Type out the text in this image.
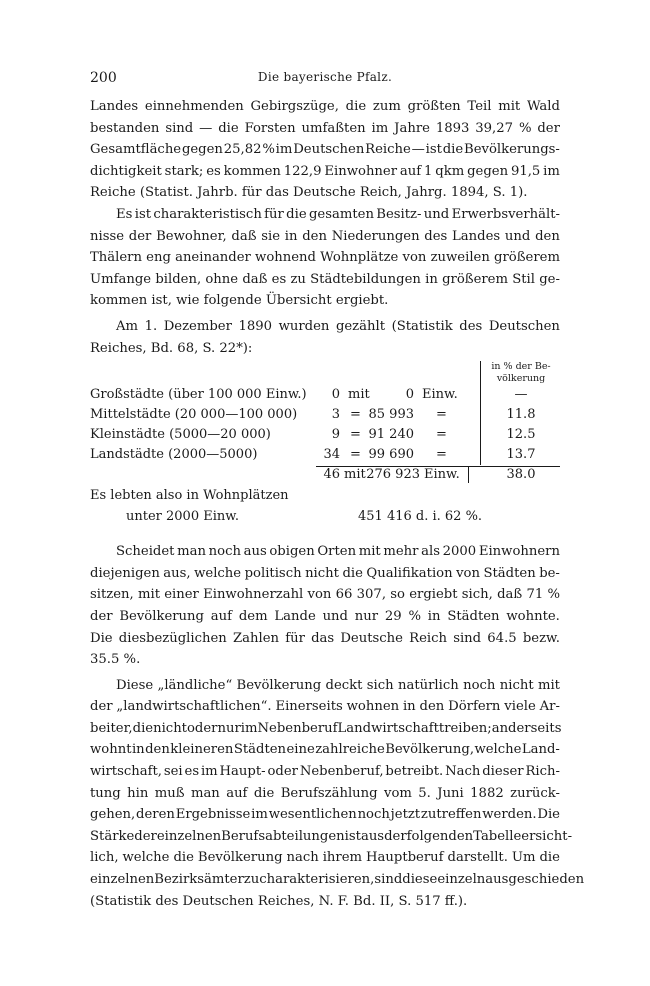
200	Die bayerische Pfalz.
Landes einnehmenden Gebirgszüge, die zum größten Teil mit Wald
bestanden sind — die Forsten umfaßten im Jahre 1893 39,27 % der
Gesamtfläche gegen 25,82 % im Deutschen Reiche — ist die Bevölkerungs-
dichtigkeit stark; es kommen 122,9 Einwohner auf 1 qkm gegen 91,5 im
Reiche (Statist. Jahrb. für das Deutsche Reich, Jahrg. 1894, S. 1).
Es ist charakteristisch für die gesamten Besitz- und Erwerbsverhält-
nisse der Bewohner, daß sie in den Niederungen des Landes und den
Thälern eng aneinander wohnend Wohnplätze von zuweilen größerem
Umfange bilden, ohne daß es zu Städtebildungen in größerem Stil ge-
kommen ist, wie folgende Übersicht ergiebt.
Am 1. Dezember 1890 wurden gezählt (Statistik des Deutschen
Reiches, Bd. 68, S. 22*):
in % der Be-
völkerung
Großstädte (über 100 000 Einw.)	0 mit	0 Einw.	—
Mittelstädte (20 000—100 000)	3 = 85 993 =	11.8
Kleinstädte (5000—20 000)	9 = 91 240 =	12.5
Landstädte (2000—5000)	34 = 99 690 =	13.7
46 mit 276 923 Einw.	38.0
Es lebten also in Wohnplätzen
unter 2000 Einw.	451 416 d. i. 62 %.
Scheidet man noch aus obigen Orten mit mehr als 2000 Einwohnern
diejenigen aus, welche politisch nicht die Qualifikation von Städten be-
sitzen, mit einer Einwohnerzahl von 66 307, so ergiebt sich, daß 71 %
der Bevölkerung auf dem Lande und nur 29 % in Städten wohnte.
Die diesbezüglichen Zahlen für das Deutsche Reich sind 64.5 bezw.
35.5 %.
Diese „ländliche“ Bevölkerung deckt sich natürlich noch nicht mit
der „landwirtschaftlichen“. Einerseits wohnen in den Dörfern viele Ar-
beiter, die nicht oder nur im Nebenberuf Landwirtschaft treiben; anderseits
wohnt in den kleineren Städten eine zahlreiche Bevölkerung, welche Land-
wirtschaft, sei es im Haupt- oder Nebenberuf, betreibt. Nach dieser Rich-
tung hin muß man auf die Berufszählung vom 5. Juni 1882 zurück-
gehen, deren Ergebnisse im wesentlichen noch jetzt zutreffen werden. Die
Stärke der einzelnen Berufsabteilungen ist aus der folgenden Tabelle ersicht-
lich, welche die Bevölkerung nach ihrem Hauptberuf darstellt. Um die
einzelnen Bezirksämter zu charakterisieren, sind diese einzeln ausgeschieden
(Statistik des Deutschen Reiches, N. F. Bd. II, S. 517 ff.).
